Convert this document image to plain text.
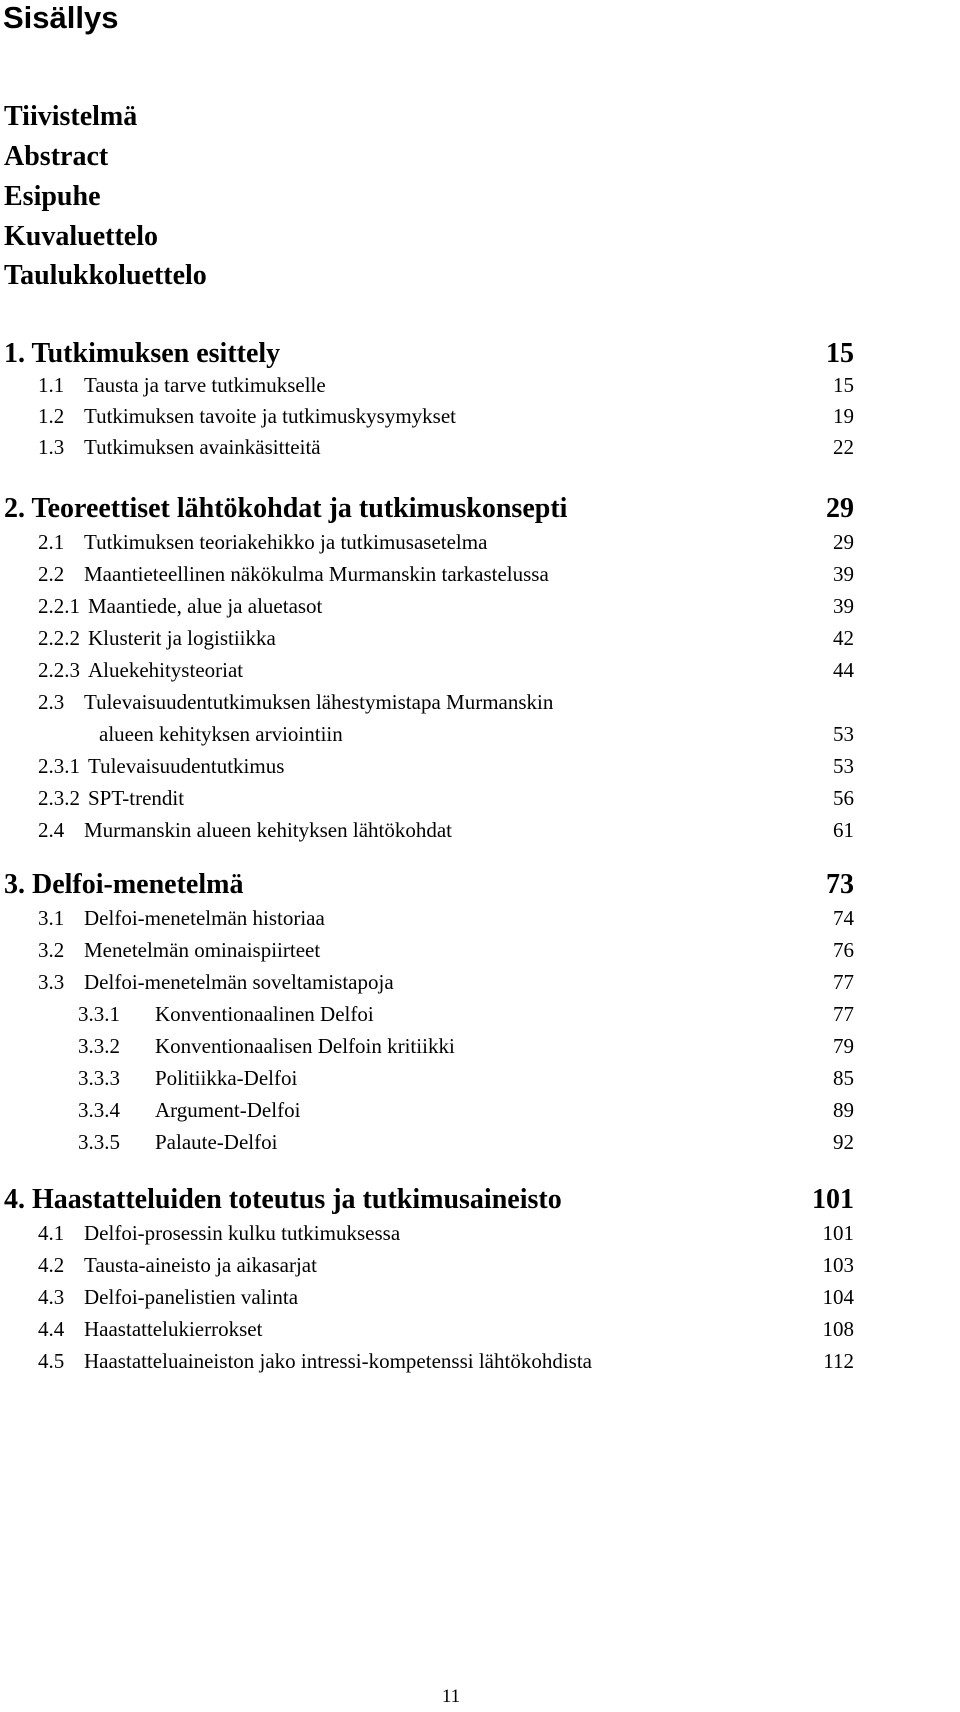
Sisällys
Tiivistelmä
Abstract
Esipuhe
Kuvaluettelo
Taulukkoluettelo
1. Tutkimuksen esittely	15
1.1 Tausta ja tarve tutkimukselle	15
1.2 Tutkimuksen tavoite ja tutkimuskysymykset	19
1.3 Tutkimuksen avainkäsitteitä	22
2. Teoreettiset lähtökohdat ja tutkimuskonsepti	29
2.1 Tutkimuksen teoriakehikko ja tutkimusasetelma	29
2.2 Maantieteellinen näkökulma Murmanskin tarkastelussa	39
2.2.1 Maantiede, alue ja aluetasot	39
2.2.2 Klusterit ja logistiikka	42
2.2.3 Aluekehitysteoriat	44
2.3 Tulevaisuudentutkimuksen lähestymistapa Murmanskin
alueen kehityksen arviointiin	53
2.3.1 Tulevaisuudentutkimus	53
2.3.2 SPT-trendit	56
2.4 Murmanskin alueen kehityksen lähtökohdat	61
3. Delfoi-menetelmä	73
3.1 Delfoi-menetelmän historiaa	74
3.2 Menetelmän ominaispiirteet	76
3.3 Delfoi-menetelmän soveltamistapoja	77
3.3.1 Konventionaalinen Delfoi	77
3.3.2 Konventionaalisen Delfoin kritiikki	79
3.3.3 Politiikka-Delfoi	85
3.3.4 Argument-Delfoi	89
3.3.5 Palaute-Delfoi	92
4. Haastatteluiden toteutus ja tutkimusaineisto	101
4.1 Delfoi-prosessin kulku tutkimuksessa	101
4.2 Tausta-aineisto ja aikasarjat	103
4.3 Delfoi-panelistien valinta	104
4.4 Haastattelukierrokset	108
4.5 Haastatteluaineiston jako intressi-kompetenssi lähtökohdista	112
11
